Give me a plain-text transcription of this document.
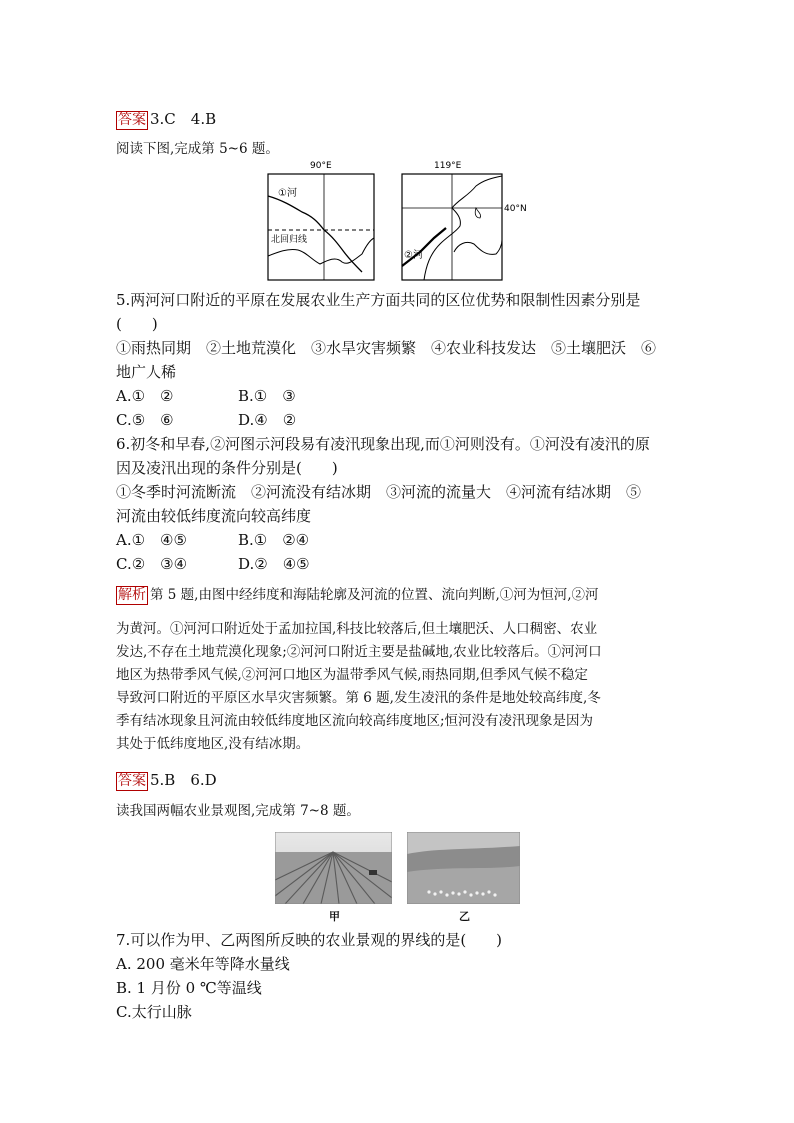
答案 3.C　4.B
阅读下图,完成第 5~6 题。
90°E
①河
北回归线
119°E
40°N
②河
5.两河河口附近的平原在发展农业生产方面共同的区位优势和限制性因素分别是
(　　)
①雨热同期　②土地荒漠化　③水旱灾害频繁　④农业科技发达　⑤土壤肥沃　⑥
地广人稀
A.①　②	B.①　③
C.⑤　⑥	D.④　②
6.初冬和早春,②河图示河段易有凌汛现象出现,而①河则没有。①河没有凌汛的原
因及凌汛出现的条件分别是(　　)
①冬季时河流断流　②河流没有结冰期　③河流的流量大　④河流有结冰期　⑤
河流由较低纬度流向较高纬度
A.①　④⑤	B.①　②④
C.②　③④	D.②　④⑤
解析 第 5 题,由图中经纬度和海陆轮廓及河流的位置、流向判断,①河为恒河,②河
为黄河。①河河口附近处于孟加拉国,科技比较落后,但土壤肥沃、人口稠密、农业
发达,不存在土地荒漠化现象;②河河口附近主要是盐碱地,农业比较落后。①河河口
地区为热带季风气候,②河河口地区为温带季风气候,雨热同期,但季风气候不稳定
导致河口附近的平原区水旱灾害频繁。第 6 题,发生凌汛的条件是地处较高纬度,冬
季有结冰现象且河流由较低纬度地区流向较高纬度地区;恒河没有凌汛现象是因为
其处于低纬度地区,没有结冰期。
答案 5.B　6.D
读我国两幅农业景观图,完成第 7~8 题。
甲	乙
7.可以作为甲、乙两图所反映的农业景观的界线的是(　　)
A. 200 毫米年等降水量线
B. 1 月份 0 ℃等温线
C.太行山脉
